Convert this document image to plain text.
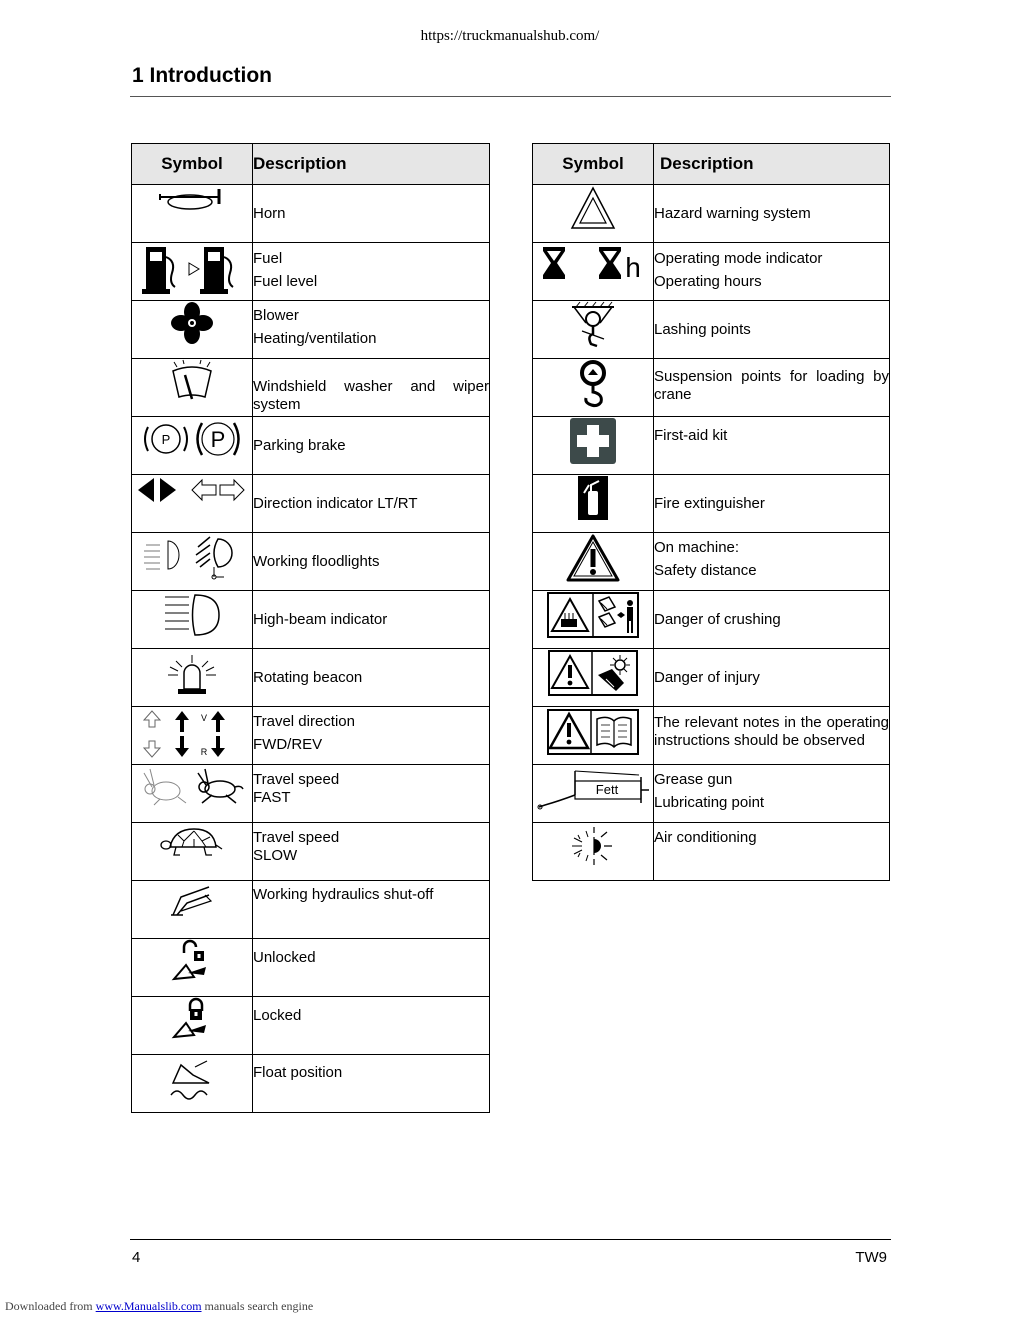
https://truckmanualshub.com/
1 Introduction
Symbol	Description

Horn

Fuel
Fuel level

Blower
Heating/ventilation

Windshield washer and wiper system

P P	Parking brake

Direction indicator LT/RT

Working floodlights

High-beam indicator

Rotating beacon

V
R	Travel direction
FWD/REV

Travel speed
FAST

Travel speed
SLOW

Working hydraulics shut-off

Unlocked

Locked

Float position
Symbol	Description

Hazard warning system

h	Operating mode indicator
Operating hours

Lashing points

Suspension points for loading by crane

First-aid kit

Fire extinguisher

On machine:
Safety distance

Danger of crushing

Danger of injury

The relevant notes in the operating instructions should be observed

Fett	Grease gun
Lubricating point

Air conditioning
4	TW9
Downloaded from www.Manualslib.com manuals search engine
